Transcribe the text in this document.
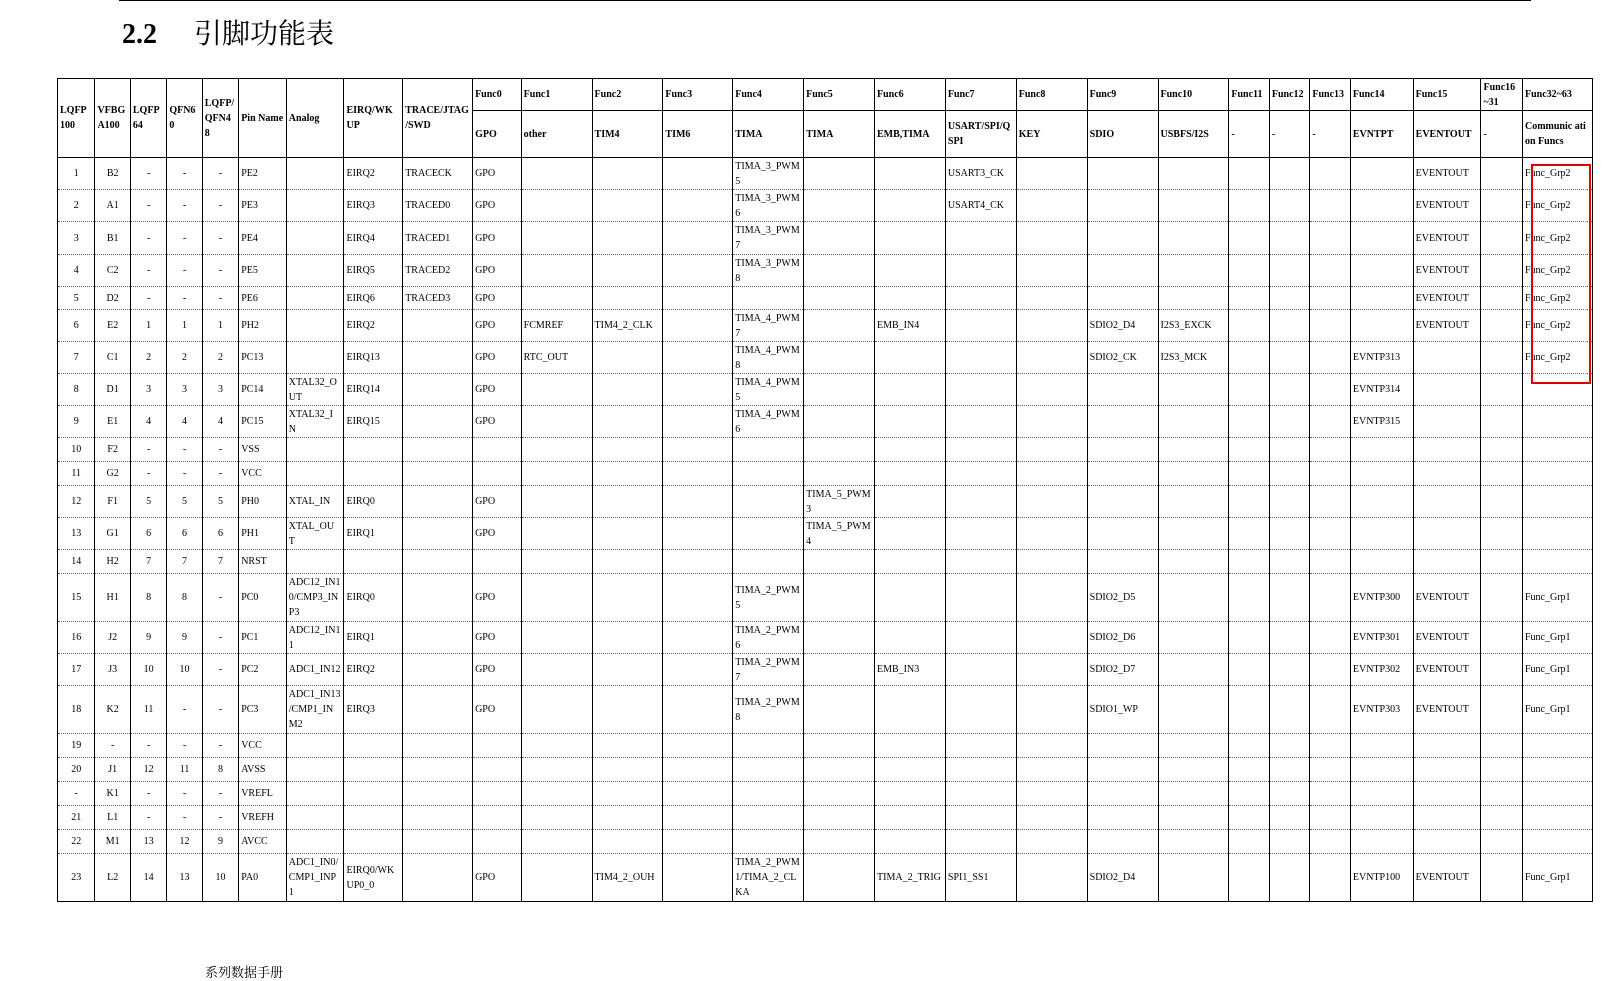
2.2 引脚功能表
LQFP 100	VFBG A100	LQFP 64	QFN6 0	LQFP/ QFN4 8	Pin Name	Analog	EIRQ/WK UP	TRACE/JTAG /SWD	Func0	Func1	Func2	Func3	Func4	Func5	Func6	Func7	Func8	Func9	Func10	Func11	Func12	Func13	Func14	Func15	Func16 ~31	Func32~63
									GPO	other	TIM4	TIM6	TIMA	TIMA	EMB,TIMA	USART/SPI/Q SPI	KEY	SDIO	USBFS/I2S	-	-	-	EVNTPT	EVENTOUT	-	Communic ation Funcs
1	B2	-	-	-	PE2		EIRQ2	TRACECK	GPO				TIMA_3_PWM 5			USART3_CK								EVENTOUT		Func_Grp2
2	A1	-	-	-	PE3		EIRQ3	TRACED0	GPO				TIMA_3_PWM 6			USART4_CK								EVENTOUT		Func_Grp2
3	B1	-	-	-	PE4		EIRQ4	TRACED1	GPO				TIMA_3_PWM 7											EVENTOUT		Func_Grp2
4	C2	-	-	-	PE5		EIRQ5	TRACED2	GPO				TIMA_3_PWM 8											EVENTOUT		Func_Grp2
5	D2	-	-	-	PE6		EIRQ6	TRACED3	GPO															EVENTOUT		Func_Grp2
6	E2	1	1	1	PH2		EIRQ2		GPO	FCMREF	TIM4_2_CLK		TIMA_4_PWM 7		EMB_IN4			SDIO2_D4	I2S3_EXCK					EVENTOUT		Func_Grp2
7	C1	2	2	2	PC13		EIRQ13		GPO	RTC_OUT			TIMA_4_PWM 8					SDIO2_CK	I2S3_MCK				EVNTP313			Func_Grp2
8	D1	3	3	3	PC14	XTAL32_O UT	EIRQ14		GPO				TIMA_4_PWM 5										EVNTP314			
9	E1	4	4	4	PC15	XTAL32_I N	EIRQ15		GPO				TIMA_4_PWM 6										EVNTP315			
10	F2	-	-	-	VSS																					
11	G2	-	-	-	VCC																					
12	F1	5	5	5	PH0	XTAL_IN	EIRQ0		GPO					TIMA_5_PWM 3												
13	G1	6	6	6	PH1	XTAL_OU T	EIRQ1		GPO					TIMA_5_PWM 4												
14	H2	7	7	7	NRST																					
15	H1	8	8	-	PC0	ADC12_IN1 0/CMP3_IN P3	EIRQ0		GPO				TIMA_2_PWM 5					SDIO2_D5					EVNTP300	EVENTOUT		Func_Grp1
16	J2	9	9	-	PC1	ADC12_IN1 1	EIRQ1		GPO				TIMA_2_PWM 6					SDIO2_D6					EVNTP301	EVENTOUT		Func_Grp1
17	J3	10	10	-	PC2	ADC1_IN12	EIRQ2		GPO				TIMA_2_PWM 7		EMB_IN3			SDIO2_D7					EVNTP302	EVENTOUT		Func_Grp1
18	K2	11	-	-	PC3	ADC1_IN13 /CMP1_IN M2	EIRQ3		GPO				TIMA_2_PWM 8					SDIO1_WP					EVNTP303	EVENTOUT		Func_Grp1
19	-	-	-	-	VCC																					
20	J1	12	11	8	AVSS																					
-	K1	-	-	-	VREFL																					
21	L1	-	-	-	VREFH																					
22	M1	13	12	9	AVCC																					
23	L2	14	13	10	PA0	ADC1_IN0/ CMP1_INP 1	EIRQ0/WK UP0_0		GPO		TIM4_2_OUH		TIMA_2_PWM 1/TIMA_2_CL KA		TIMA_2_TRIG	SPI1_SS1		SDIO2_D4					EVNTP100	EVENTOUT		Func_Grp1
系列数据手册
